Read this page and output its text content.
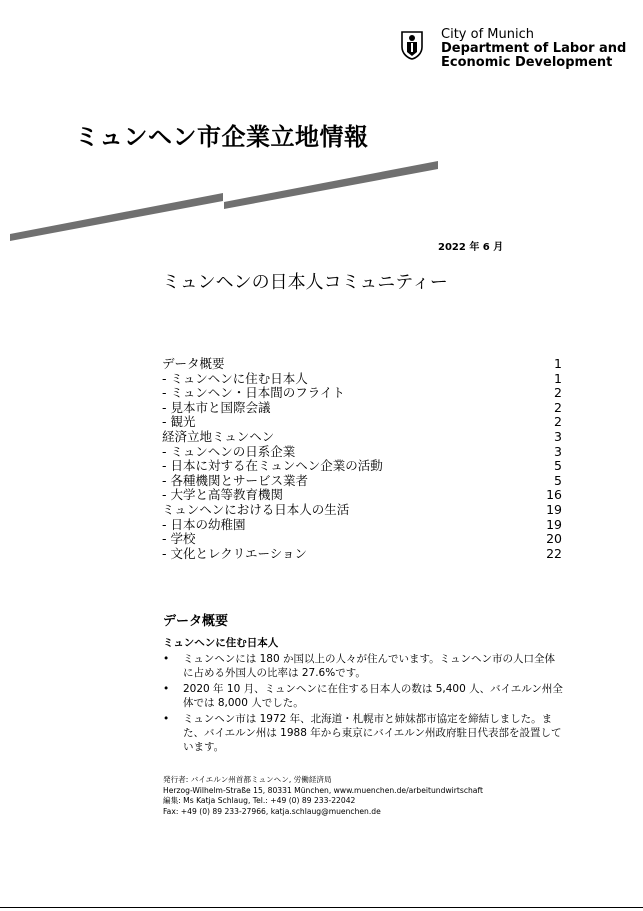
City of Munich
Department of Labor and
Economic Development
ミュンヘン市企業立地情報
2022 年 6 月
ミュンヘンの日本人コミュニティー
データ概要	1
- ミュンヘンに住む日本人	1
- ミュンヘン・日本間のフライト	2
- 見本市と国際会議	2
- 観光	2
経済立地ミュンヘン	3
- ミュンヘンの日系企業	3
- 日本に対する在ミュンヘン企業の活動	5
- 各種機関とサービス業者	5
- 大学と高等教育機関	16
ミュンヘンにおける日本人の生活	19
- 日本の幼稚園	19
- 学校	20
- 文化とレクリエーション	22
データ概要
ミュンヘンに住む日本人
•	ミュンヘンには 180 か国以上の人々が住んでいます。ミュンヘン市の人口全体に占める外国人の比率は 27.6%です。
•	2020 年 10 月、ミュンヘンに在住する日本人の数は 5,400 人、バイエルン州全体では 8,000 人でした。
•	ミュンヘン市は 1972 年、北海道・札幌市と姉妹都市協定を締結しました。また、バイエルン州は 1988 年から東京にバイエルン州政府駐日代表部を設置しています。
発行者: バイエルン州首都ミュンヘン, 労働経済局
Herzog-Wilhelm-Straße 15, 80331 München, www.muenchen.de/arbeitundwirtschaft
編集: Ms Katja Schlaug, Tel.: +49 (0) 89 233-22042
Fax: +49 (0) 89 233-27966, katja.schlaug@muenchen.de
